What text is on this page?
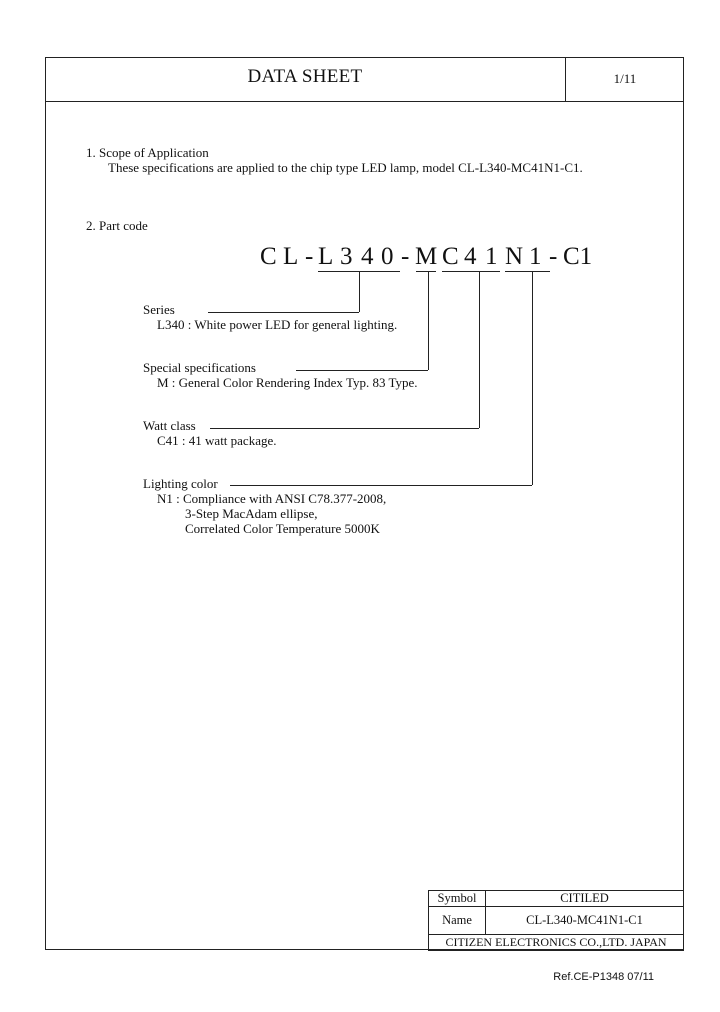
DATA SHEET	1/11
1. Scope of Application
These specifications are applied to the chip type LED lamp, model CL-L340-MC41N1-C1.
2. Part code
C L - L 3 4 0 - M C 4 1 N 1 - C1
Series
L340 : White power LED for general lighting.
Special specifications
M : General Color Rendering Index Typ. 83 Type.
Watt class
C41 : 41 watt package.
Lighting color
N1 : Compliance with ANSI C78.377-2008,
3-Step MacAdam ellipse,
Correlated Color Temperature 5000K
Symbol	CITILED
Name	CL-L340-MC41N1-C1
CITIZEN ELECTRONICS CO.,LTD. JAPAN	
Ref.CE-P1348 07/11
